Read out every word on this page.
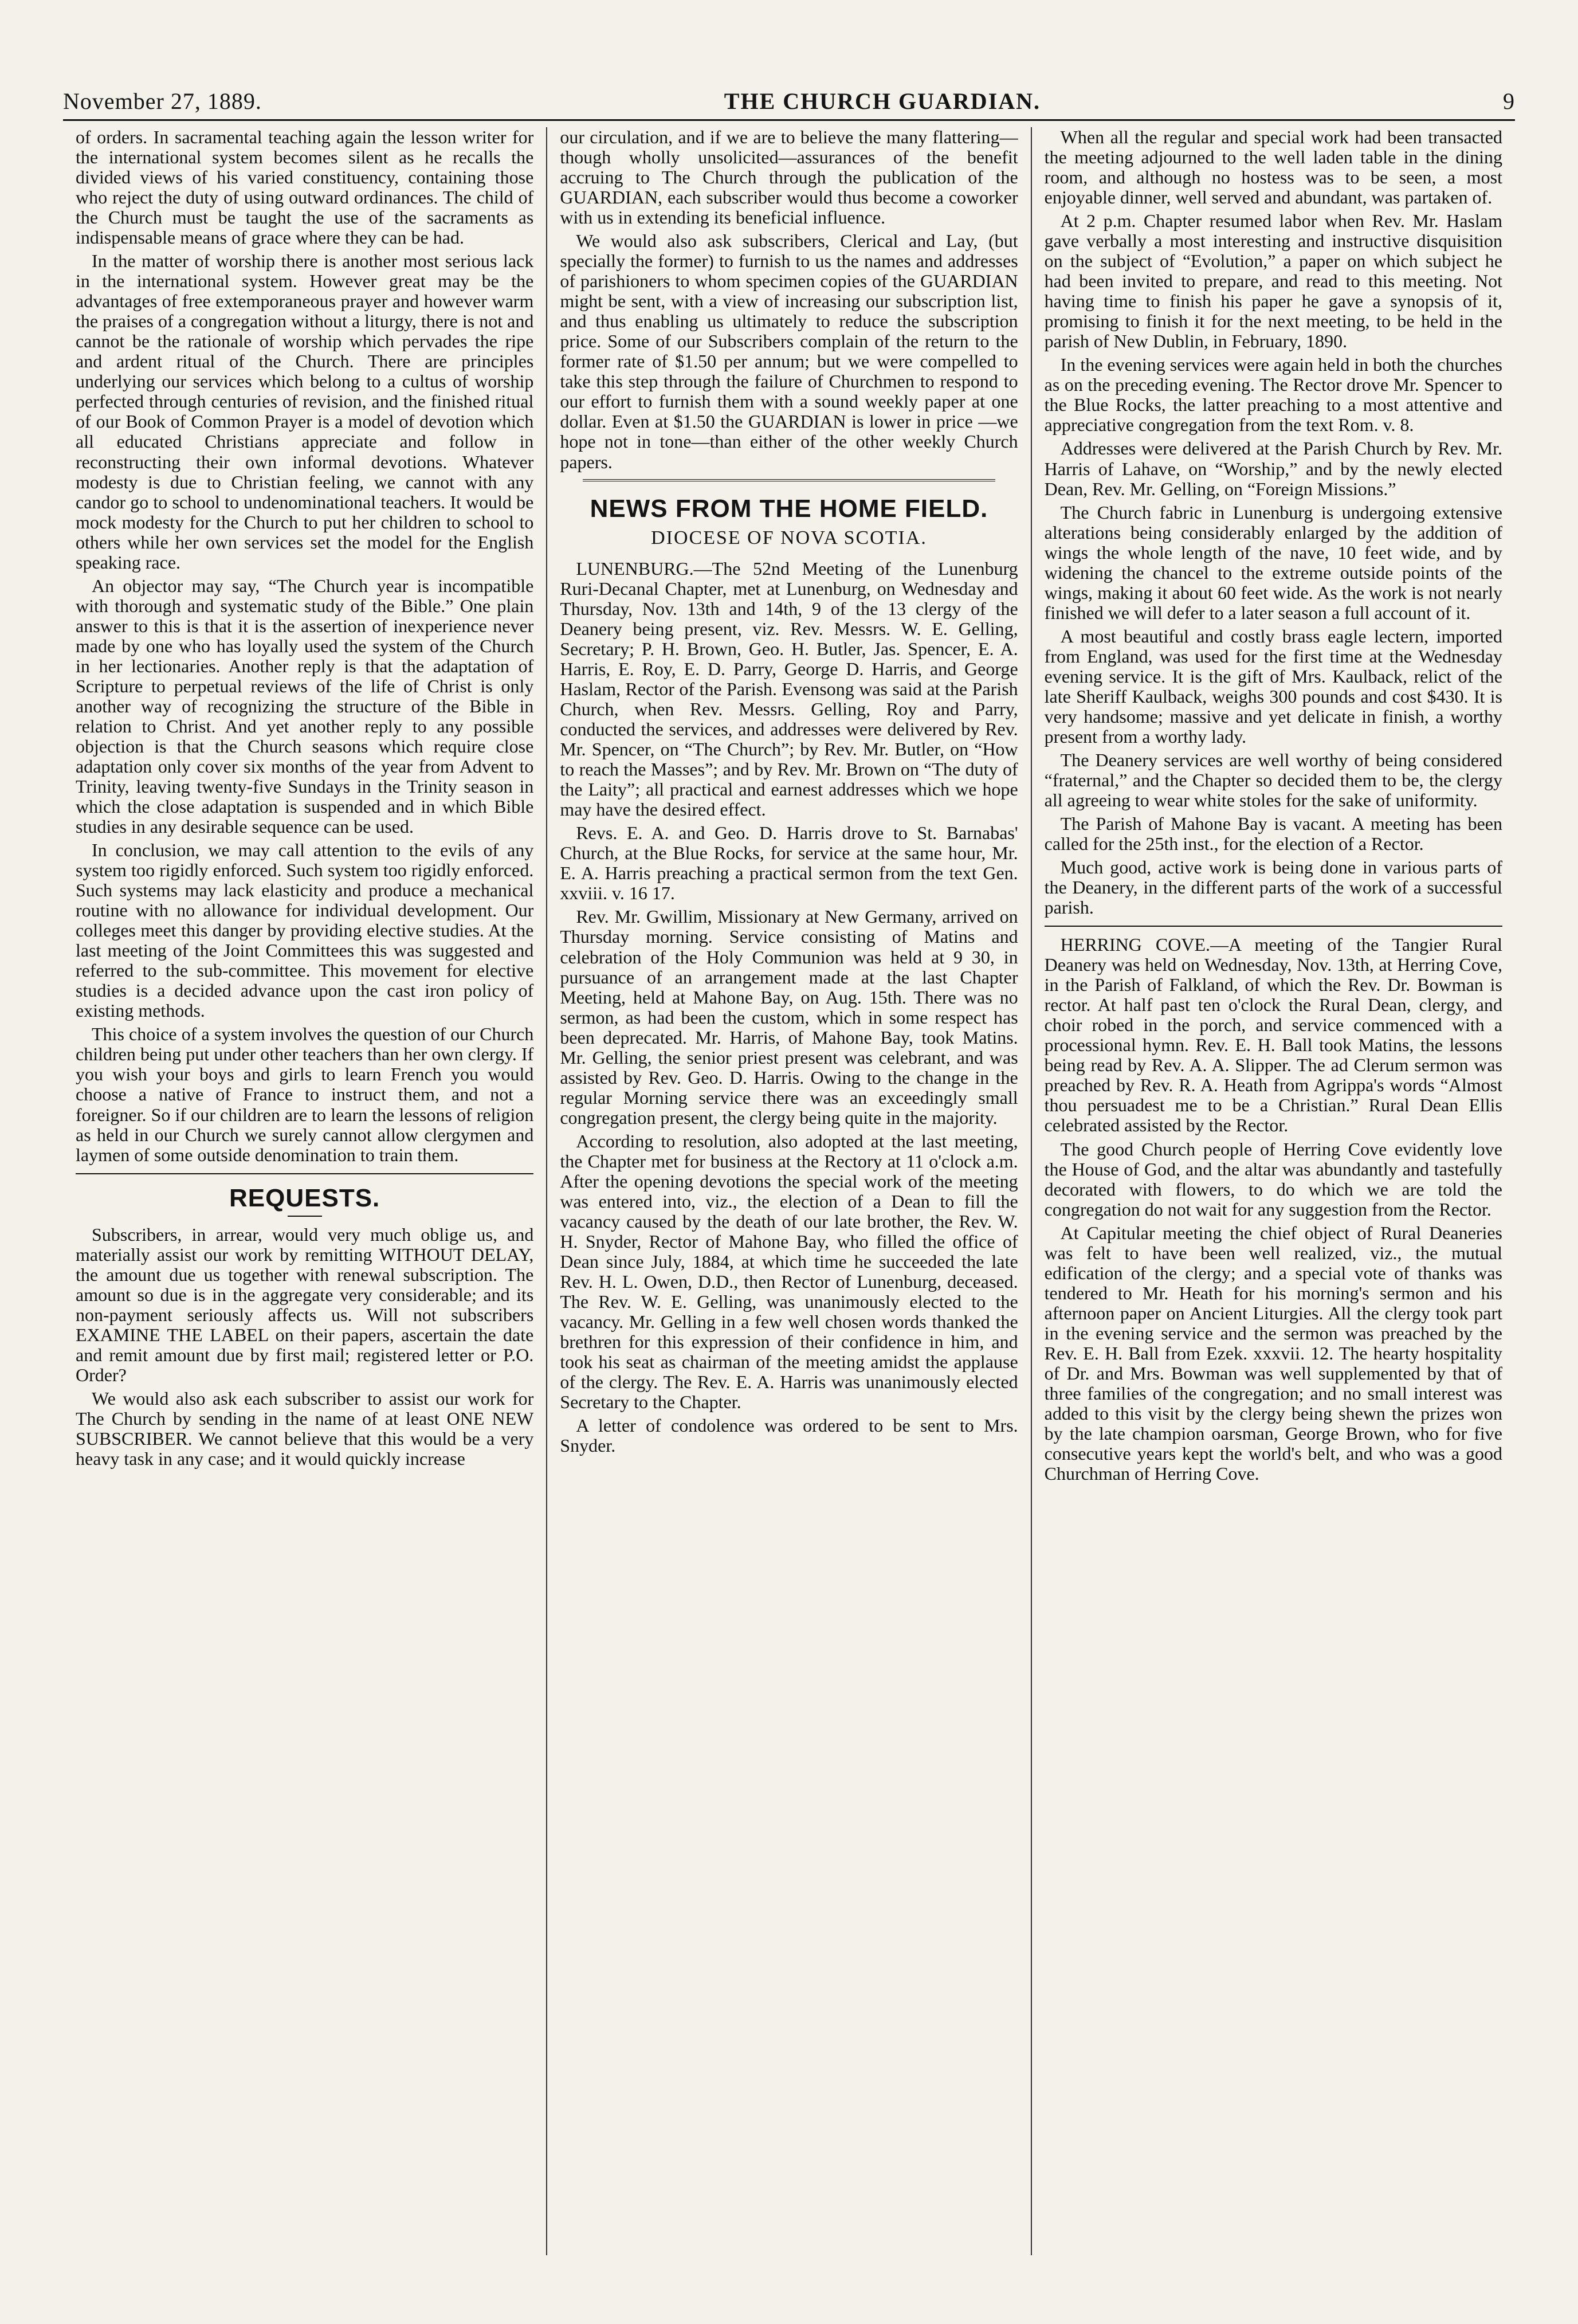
November 27, 1889.	THE CHURCH GUARDIAN.	9

of orders. In sacramental teaching again the lesson writer for the international system becomes silent as he recalls the divided views of his varied constituency, containing those who reject the duty of using outward ordinances. The child of the Church must be taught the use of the sacraments as indispensable means of grace where they can be had.

In the matter of worship there is another most serious lack in the international system. However great may be the advantages of free extemporaneous prayer and however warm the praises of a congregation without a liturgy, there is not and cannot be the rationale of worship which pervades the ripe and ardent ritual of the Church. There are principles underlying our services which belong to a cultus of worship perfected through centuries of revision, and the finished ritual of our Book of Common Prayer is a model of devotion which all educated Christians appreciate and follow in reconstructing their own informal devotions. Whatever modesty is due to Christian feeling, we cannot with any candor go to school to undenominational teachers. It would be mock modesty for the Church to put her children to school to others while her own services set the model for the English speaking race.

An objector may say, “The Church year is incompatible with thorough and systematic study of the Bible.” One plain answer to this is that it is the assertion of inexperience never made by one who has loyally used the system of the Church in her lectionaries. Another reply is that the adaptation of Scripture to perpetual reviews of the life of Christ is only another way of recognizing the structure of the Bible in relation to Christ. And yet another reply to any possible objection is that the Church seasons which require close adaptation only cover six months of the year from Advent to Trinity, leaving twenty-five Sundays in the Trinity season in which the close adaptation is suspended and in which Bible studies in any desirable sequence can be used.

In conclusion, we may call attention to the evils of any system too rigidly enforced. Such system too rigidly enforced. Such systems may lack elasticity and produce a mechanical routine with no allowance for individual development. Our colleges meet this danger by providing elective studies. At the last meeting of the Joint Committees this was suggested and referred to the sub-committee. This movement for elective studies is a decided advance upon the cast iron policy of existing methods.

This choice of a system involves the question of our Church children being put under other teachers than her own clergy. If you wish your boys and girls to learn French you would choose a native of France to instruct them, and not a foreigner. So if our children are to learn the lessons of religion as held in our Church we surely cannot allow clergymen and laymen of some outside denomination to train them.

REQUESTS.

Subscribers, in arrear, would very much oblige us, and materially assist our work by remitting WITHOUT DELAY, the amount due us together with renewal subscription. The amount so due is in the aggregate very considerable; and its non-payment seriously affects us. Will not subscribers EXAMINE THE LABEL on their papers, ascertain the date and remit amount due by first mail; registered letter or P.O. Order?

We would also ask each subscriber to assist our work for The Church by sending in the name of at least ONE NEW SUBSCRIBER. We cannot believe that this would be a very heavy task in any case; and it would quickly increase

our circulation, and if we are to believe the many flattering—though wholly unsolicited—assurances of the benefit accruing to The Church through the publication of the GUARDIAN, each subscriber would thus become a coworker with us in extending its beneficial influence.

We would also ask subscribers, Clerical and Lay, (but specially the former) to furnish to us the names and addresses of parishioners to whom specimen copies of the GUARDIAN might be sent, with a view of increasing our subscription list, and thus enabling us ultimately to reduce the subscription price. Some of our Subscribers complain of the return to the former rate of $1.50 per annum; but we were compelled to take this step through the failure of Churchmen to respond to our effort to furnish them with a sound weekly paper at one dollar. Even at $1.50 the GUARDIAN is lower in price —we hope not in tone—than either of the other weekly Church papers.

NEWS FROM THE HOME FIELD.
DIOCESE OF NOVA SCOTIA.

LUNENBURG.—The 52nd Meeting of the Lunenburg Ruri-Decanal Chapter, met at Lunenburg, on Wednesday and Thursday, Nov. 13th and 14th, 9 of the 13 clergy of the Deanery being present, viz. Rev. Messrs. W. E. Gelling, Secretary; P. H. Brown, Geo. H. Butler, Jas. Spencer, E. A. Harris, E. Roy, E. D. Parry, George D. Harris, and George Haslam, Rector of the Parish. Evensong was said at the Parish Church, when Rev. Messrs. Gelling, Roy and Parry, conducted the services, and addresses were delivered by Rev. Mr. Spencer, on “The Church”; by Rev. Mr. Butler, on “How to reach the Masses”; and by Rev. Mr. Brown on “The duty of the Laity”; all practical and earnest addresses which we hope may have the desired effect.

Revs. E. A. and Geo. D. Harris drove to St. Barnabas' Church, at the Blue Rocks, for service at the same hour, Mr. E. A. Harris preaching a practical sermon from the text Gen. xxviii. v. 16 17.

Rev. Mr. Gwillim, Missionary at New Germany, arrived on Thursday morning. Service consisting of Matins and celebration of the Holy Communion was held at 9 30, in pursuance of an arrangement made at the last Chapter Meeting, held at Mahone Bay, on Aug. 15th. There was no sermon, as had been the custom, which in some respect has been deprecated. Mr. Harris, of Mahone Bay, took Matins. Mr. Gelling, the senior priest present was celebrant, and was assisted by Rev. Geo. D. Harris. Owing to the change in the regular Morning service there was an exceedingly small congregation present, the clergy being quite in the majority.

According to resolution, also adopted at the last meeting, the Chapter met for business at the Rectory at 11 o'clock a.m. After the opening devotions the special work of the meeting was entered into, viz., the election of a Dean to fill the vacancy caused by the death of our late brother, the Rev. W. H. Snyder, Rector of Mahone Bay, who filled the office of Dean since July, 1884, at which time he succeeded the late Rev. H. L. Owen, D.D., then Rector of Lunenburg, deceased. The Rev. W. E. Gelling, was unanimously elected to the vacancy. Mr. Gelling in a few well chosen words thanked the brethren for this expression of their confidence in him, and took his seat as chairman of the meeting amidst the applause of the clergy. The Rev. E. A. Harris was unanimously elected Secretary to the Chapter.

A letter of condolence was ordered to be sent to Mrs. Snyder.

When all the regular and special work had been transacted the meeting adjourned to the well laden table in the dining room, and although no hostess was to be seen, a most enjoyable dinner, well served and abundant, was partaken of.

At 2 p.m. Chapter resumed labor when Rev. Mr. Haslam gave verbally a most interesting and instructive disquisition on the subject of “Evolution,” a paper on which subject he had been invited to prepare, and read to this meeting. Not having time to finish his paper he gave a synopsis of it, promising to finish it for the next meeting, to be held in the parish of New Dublin, in February, 1890.

In the evening services were again held in both the churches as on the preceding evening. The Rector drove Mr. Spencer to the Blue Rocks, the latter preaching to a most attentive and appreciative congregation from the text Rom. v. 8.

Addresses were delivered at the Parish Church by Rev. Mr. Harris of Lahave, on “Worship,” and by the newly elected Dean, Rev. Mr. Gelling, on “Foreign Missions.”

The Church fabric in Lunenburg is undergoing extensive alterations being considerably enlarged by the addition of wings the whole length of the nave, 10 feet wide, and by widening the chancel to the extreme outside points of the wings, making it about 60 feet wide. As the work is not nearly finished we will defer to a later season a full account of it.

A most beautiful and costly brass eagle lectern, imported from England, was used for the first time at the Wednesday evening service. It is the gift of Mrs. Kaulback, relict of the late Sheriff Kaulback, weighs 300 pounds and cost $430. It is very handsome; massive and yet delicate in finish, a worthy present from a worthy lady.

The Deanery services are well worthy of being considered “fraternal,” and the Chapter so decided them to be, the clergy all agreeing to wear white stoles for the sake of uniformity.

The Parish of Mahone Bay is vacant. A meeting has been called for the 25th inst., for the election of a Rector.

Much good, active work is being done in various parts of the Deanery, in the different parts of the work of a successful parish.

HERRING COVE.—A meeting of the Tangier Rural Deanery was held on Wednesday, Nov. 13th, at Herring Cove, in the Parish of Falkland, of which the Rev. Dr. Bowman is rector. At half past ten o'clock the Rural Dean, clergy, and choir robed in the porch, and service commenced with a processional hymn. Rev. E. H. Ball took Matins, the lessons being read by Rev. A. A. Slipper. The ad Clerum sermon was preached by Rev. R. A. Heath from Agrippa's words “Almost thou persuadest me to be a Christian.” Rural Dean Ellis celebrated assisted by the Rector.

The good Church people of Herring Cove evidently love the House of God, and the altar was abundantly and tastefully decorated with flowers, to do which we are told the congregation do not wait for any suggestion from the Rector.

At Capitular meeting the chief object of Rural Deaneries was felt to have been well realized, viz., the mutual edification of the clergy; and a special vote of thanks was tendered to Mr. Heath for his morning's sermon and his afternoon paper on Ancient Liturgies. All the clergy took part in the evening service and the sermon was preached by the Rev. E. H. Ball from Ezek. xxxvii. 12. The hearty hospitality of Dr. and Mrs. Bowman was well supplemented by that of three families of the congregation; and no small interest was added to this visit by the clergy being shewn the prizes won by the late champion oarsman, George Brown, who for five consecutive years kept the world's belt, and who was a good Churchman of Herring Cove.
